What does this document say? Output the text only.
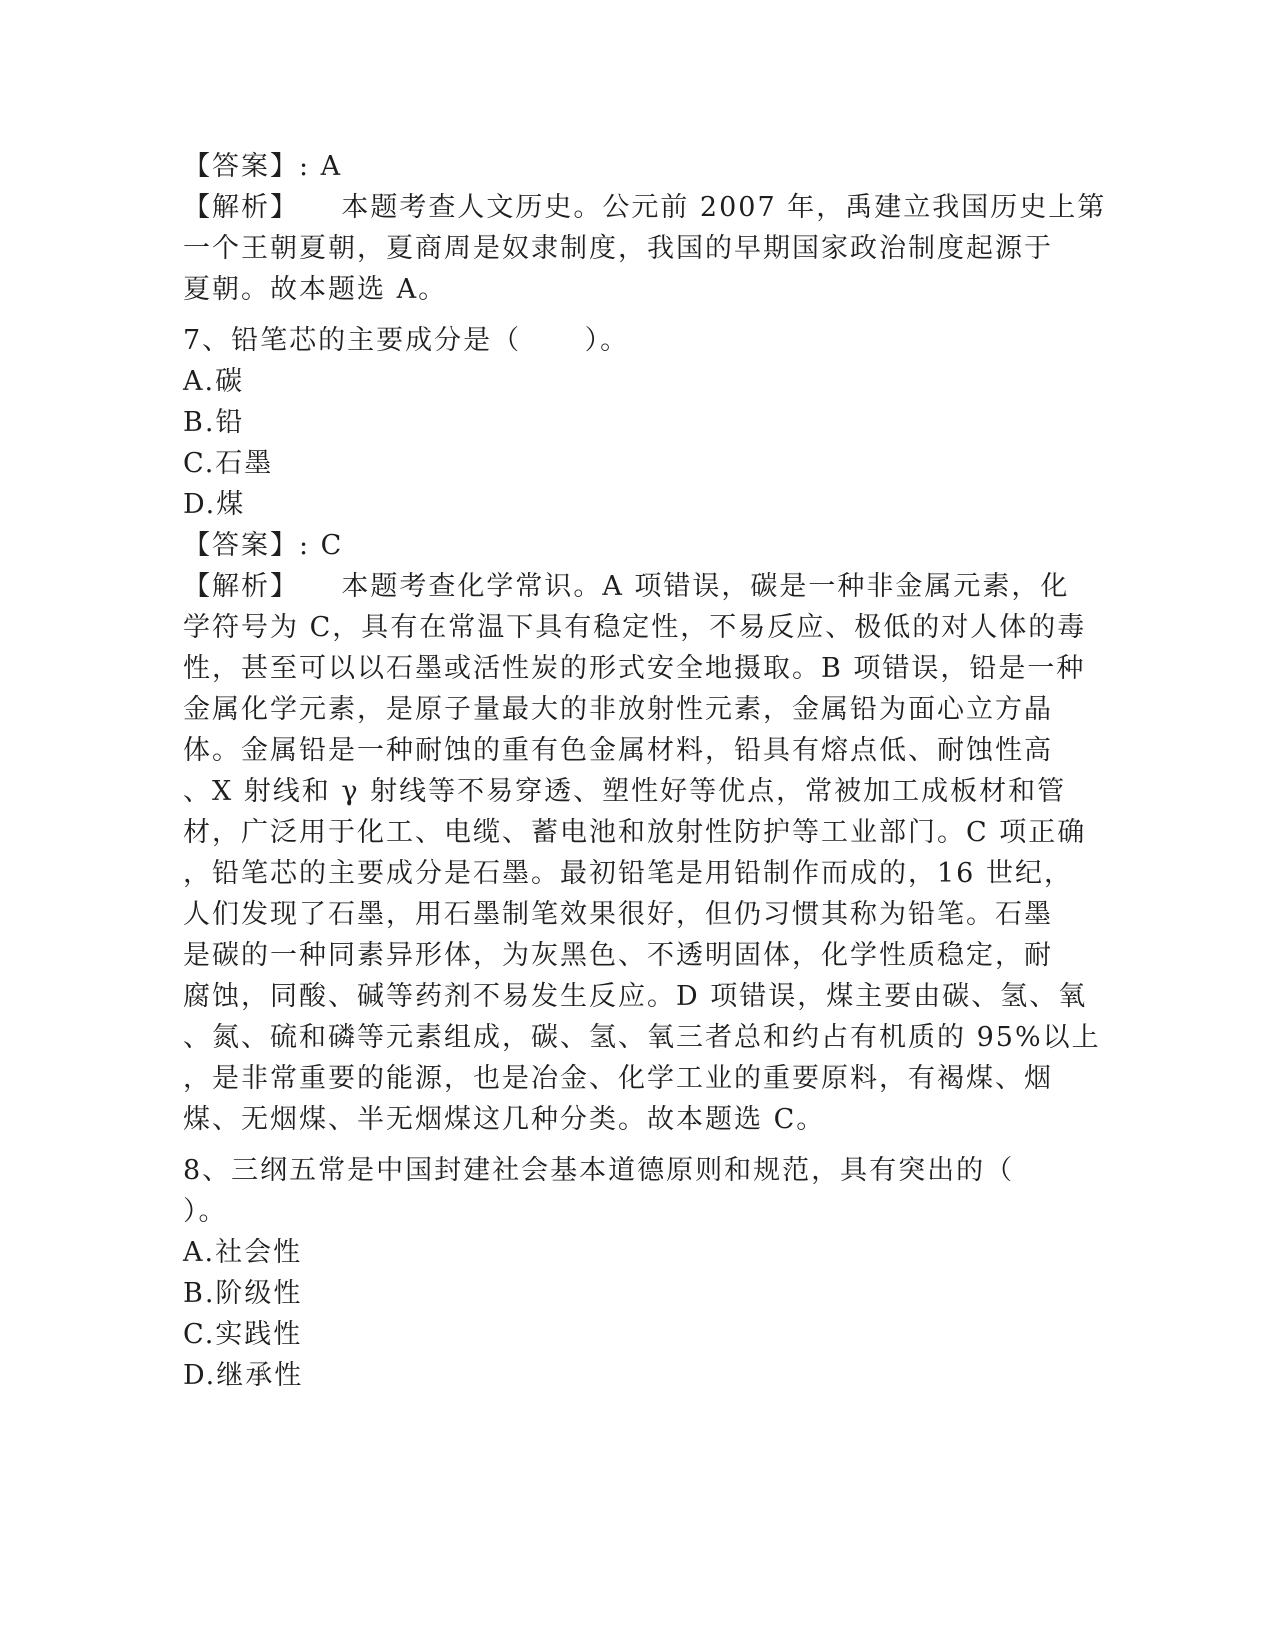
【答案】: A
【解析】    本题考查人文历史。公元前 2007 年，禹建立我国历史上第
一个王朝夏朝，夏商周是奴隶制度，我国的早期国家政治制度起源于
夏朝。故本题选 A。
7、铅笔芯的主要成分是（      ）。
A.碳
B.铅
C.石墨
D.煤
【答案】: C
【解析】    本题考查化学常识。A 项错误，碳是一种非金属元素，化
学符号为 C，具有在常温下具有稳定性，不易反应、极低的对人体的毒
性，甚至可以以石墨或活性炭的形式安全地摄取。B 项错误，铅是一种
金属化学元素，是原子量最大的非放射性元素，金属铅为面心立方晶
体。金属铅是一种耐蚀的重有色金属材料，铅具有熔点低、耐蚀性高
、X 射线和 γ 射线等不易穿透、塑性好等优点，常被加工成板材和管
材，广泛用于化工、电缆、蓄电池和放射性防护等工业部门。C 项正确
，铅笔芯的主要成分是石墨。最初铅笔是用铅制作而成的，16 世纪，
人们发现了石墨，用石墨制笔效果很好，但仍习惯其称为铅笔。石墨
是碳的一种同素异形体，为灰黑色、不透明固体，化学性质稳定，耐
腐蚀，同酸、碱等药剂不易发生反应。D 项错误，煤主要由碳、氢、氧
、氮、硫和磷等元素组成，碳、氢、氧三者总和约占有机质的 95%以上
，是非常重要的能源，也是冶金、化学工业的重要原料，有褐煤、烟
煤、无烟煤、半无烟煤这几种分类。故本题选 C。
8、三纲五常是中国封建社会基本道德原则和规范，具有突出的（
）。
A.社会性
B.阶级性
C.实践性
D.继承性
